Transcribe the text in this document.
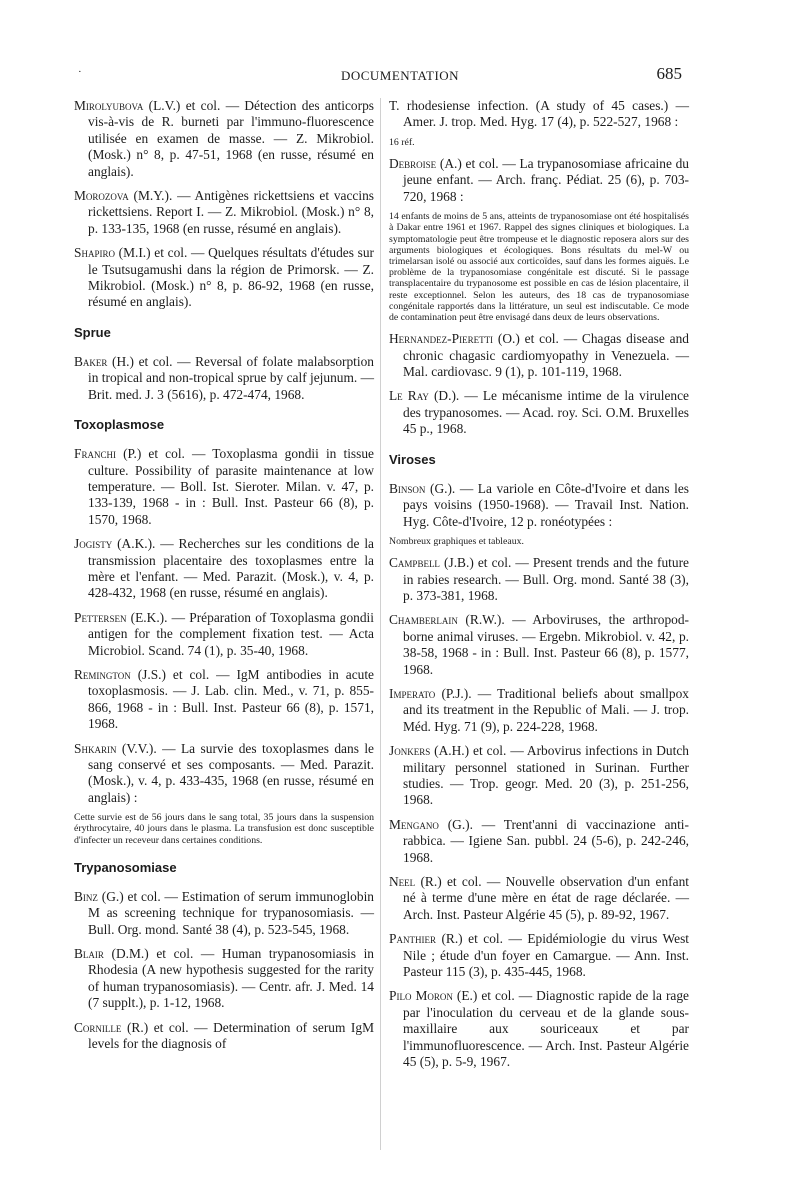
·	DOCUMENTATION	685
Mirolyubova (L.V.) et col. — Détection des anticorps vis-à-vis de R. burneti par l'immuno-fluorescence utilisée en examen de masse. — Z. Mikrobiol. (Mosk.) n° 8, p. 47-51, 1968 (en russe, résumé en anglais).
Morozova (M.Y.). — Antigènes rickettsiens et vaccins rickettsiens. Report I. — Z. Mikrobiol. (Mosk.) n° 8, p. 133-135, 1968 (en russe, résumé en anglais).
Shapiro (M.I.) et col. — Quelques résultats d'études sur le Tsutsugamushi dans la région de Primorsk. — Z. Mikrobiol. (Mosk.) n° 8, p. 86-92, 1968 (en russe, résumé en anglais).
Sprue
Baker (H.) et col. — Reversal of folate malabsorption in tropical and non-tropical sprue by calf jejunum. — Brit. med. J. 3 (5616), p. 472-474, 1968.
Toxoplasmose
Franchi (P.) et col. — Toxoplasma gondii in tissue culture. Possibility of parasite maintenance at low temperature. — Boll. Ist. Sieroter. Milan. v. 47, p. 133-139, 1968 - in : Bull. Inst. Pasteur 66 (8), p. 1570, 1968.
Jogisty (A.K.). — Recherches sur les conditions de la transmission placentaire des toxoplasmes entre la mère et l'enfant. — Med. Parazit. (Mosk.), v. 4, p. 428-432, 1968 (en russe, résumé en anglais).
Pettersen (E.K.). — Préparation of Toxoplasma gondii antigen for the complement fixation test. — Acta Microbiol. Scand. 74 (1), p. 35-40, 1968.
Remington (J.S.) et col. — IgM antibodies in acute toxoplasmosis. — J. Lab. clin. Med., v. 71, p. 855-866, 1968 - in : Bull. Inst. Pasteur 66 (8), p. 1571, 1968.
Shkarin (V.V.). — La survie des toxoplasmes dans le sang conservé et ses composants. — Med. Parazit. (Mosk.), v. 4, p. 433-435, 1968 (en russe, résumé en anglais) :
Cette survie est de 56 jours dans le sang total, 35 jours dans la suspension érythrocytaire, 40 jours dans le plasma. La transfusion est donc susceptible d'infecter un receveur dans certaines conditions.
Trypanosomiase
Binz (G.) et col. — Estimation of serum immunoglobin M as screening technique for trypanosomiasis. — Bull. Org. mond. Santé 38 (4), p. 523-545, 1968.
Blair (D.M.) et col. — Human trypanosomiasis in Rhodesia (A new hypothesis suggested for the rarity of human trypanosomiasis). — Centr. afr. J. Med. 14 (7 supplt.), p. 1-12, 1968.
Cornille (R.) et col. — Determination of serum IgM levels for the diagnosis of
T. rhodesiense infection. (A study of 45 cases.) — Amer. J. trop. Med. Hyg. 17 (4), p. 522-527, 1968 :
16 réf.
Debroise (A.) et col. — La trypanosomiase africaine du jeune enfant. — Arch. franç. Pédiat. 25 (6), p. 703-720, 1968 :
14 enfants de moins de 5 ans, atteints de trypanosomiase ont été hospitalisés à Dakar entre 1961 et 1967. Rappel des signes cliniques et biologiques. La symptomatologie peut être trompeuse et le diagnostic reposera alors sur des arguments biologiques et écologiques. Bons résultats du mel-W ou trimelarsan isolé ou associé aux corticoïdes, sauf dans les formes aiguës. Le problème de la trypanosomiase congénitale est discuté. Si le passage transplacentaire du trypanosome est possible en cas de lésion placentaire, il reste exceptionnel. Selon les auteurs, des 18 cas de trypanosomiase congénitale rapportés dans la littérature, un seul est indiscutable. Ce mode de contamination peut être envisagé dans deux de leurs observations.
Hernandez-Pieretti (O.) et col. — Chagas disease and chronic chagasic cardiomyopathy in Venezuela. — Mal. cardiovasc. 9 (1), p. 101-119, 1968.
Le Ray (D.). — Le mécanisme intime de la virulence des trypanosomes. — Acad. roy. Sci. O.M. Bruxelles 45 p., 1968.
Viroses
Binson (G.). — La variole en Côte-d'Ivoire et dans les pays voisins (1950-1968). — Travail Inst. Nation. Hyg. Côte-d'Ivoire, 12 p. ronéotypées :
Nombreux graphiques et tableaux.
Campbell (J.B.) et col. — Present trends and the future in rabies research. — Bull. Org. mond. Santé 38 (3), p. 373-381, 1968.
Chamberlain (R.W.). — Arboviruses, the arthropod-borne animal viruses. — Ergebn. Mikrobiol. v. 42, p. 38-58, 1968 - in : Bull. Inst. Pasteur 66 (8), p. 1577, 1968.
Imperato (P.J.). — Traditional beliefs about smallpox and its treatment in the Republic of Mali. — J. trop. Méd. Hyg. 71 (9), p. 224-228, 1968.
Jonkers (A.H.) et col. — Arbovirus infections in Dutch military personnel stationed in Surinan. Further studies. — Trop. geogr. Med. 20 (3), p. 251-256, 1968.
Mengano (G.). — Trent'anni di vaccinazione anti-rabbica. — Igiene San. pubbl. 24 (5-6), p. 242-246, 1968.
Neel (R.) et col. — Nouvelle observation d'un enfant né à terme d'une mère en état de rage déclarée. — Arch. Inst. Pasteur Algérie 45 (5), p. 89-92, 1967.
Panthier (R.) et col. — Epidémiologie du virus West Nile ; étude d'un foyer en Camargue. — Ann. Inst. Pasteur 115 (3), p. 435-445, 1968.
Pilo Moron (E.) et col. — Diagnostic rapide de la rage par l'inoculation du cerveau et de la glande sous-maxillaire aux souriceaux et par l'immunofluorescence. — Arch. Inst. Pasteur Algérie 45 (5), p. 5-9, 1967.
